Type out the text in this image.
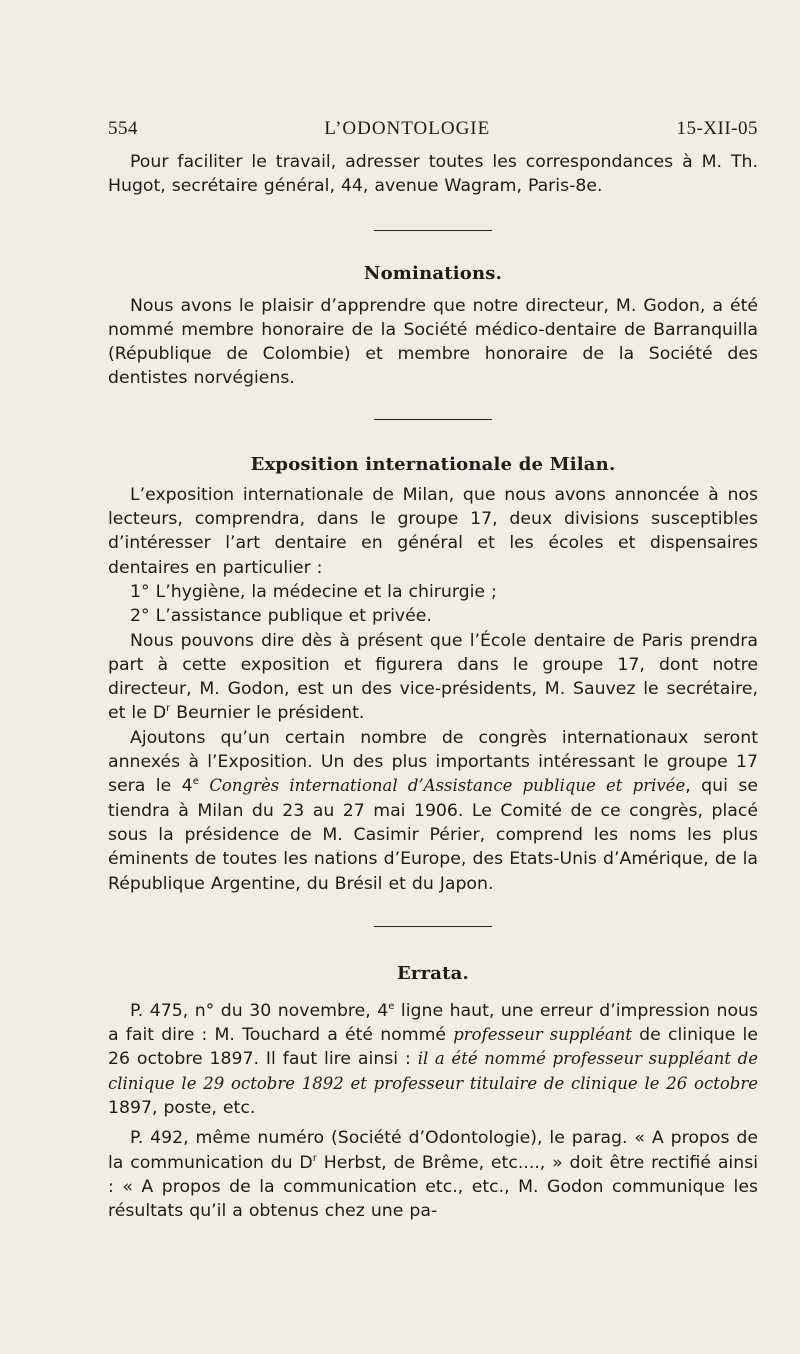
554	L’ODONTOLOGIE	15-XII-05

Pour faciliter le travail, adresser toutes les correspondances à M. Th. Hugot, secrétaire général, 44, avenue Wagram, Paris-8e.

Nominations.

Nous avons le plaisir d’apprendre que notre directeur, M. Godon, a été nommé membre honoraire de la Société médico-dentaire de Barranquilla (République de Colombie) et membre honoraire de la Société des dentistes norvégiens.

Exposition internationale de Milan.

L’exposition internationale de Milan, que nous avons annoncée à nos lecteurs, comprendra, dans le groupe 17, deux divisions susceptibles d’intéresser l’art dentaire en général et les écoles et dispensaires dentaires en particulier :

1° L’hygiène, la médecine et la chirurgie ;

2° L’assistance publique et privée.

Nous pouvons dire dès à présent que l’École dentaire de Paris prendra part à cette exposition et figurera dans le groupe 17, dont notre directeur, M. Godon, est un des vice-présidents, M. Sauvez le secrétaire, et le $D^r$ Beurnier le président.

Ajoutons qu’un certain nombre de congrès internationaux seront annexés à l’Exposition. Un des plus importants intéressant le groupe 17 sera le 4e Congrès international d’Assistance publique et privée, qui se tiendra à Milan du 23 au 27 mai 1906. Le Comité de ce congrès, placé sous la présidence de M. Casimir Périer, comprend les noms les plus éminents de toutes les nations d’Europe, des Etats-Unis d’Amérique, de la République Argentine, du Brésil et du Japon.

Errata.

P. 475, n° du 30 novembre, 4e ligne haut, une erreur d’impression nous a fait dire : M. Touchard a été nommé professeur suppléant de clinique le 26 octobre 1897. Il faut lire ainsi : il a été nommé professeur suppléant de clinique le 29 octobre 1892 et professeur titulaire de clinique le 26 octobre 1897, poste, etc.

P. 492, même numéro (Société d’Odontologie), le parag. « A propos de la communication du $D^r$ Herbst, de Brême, etc...., » doit être rectifié ainsi : « A propos de la communication etc., etc., M. Godon communique les résultats qu’il a obtenus chez une pa-
